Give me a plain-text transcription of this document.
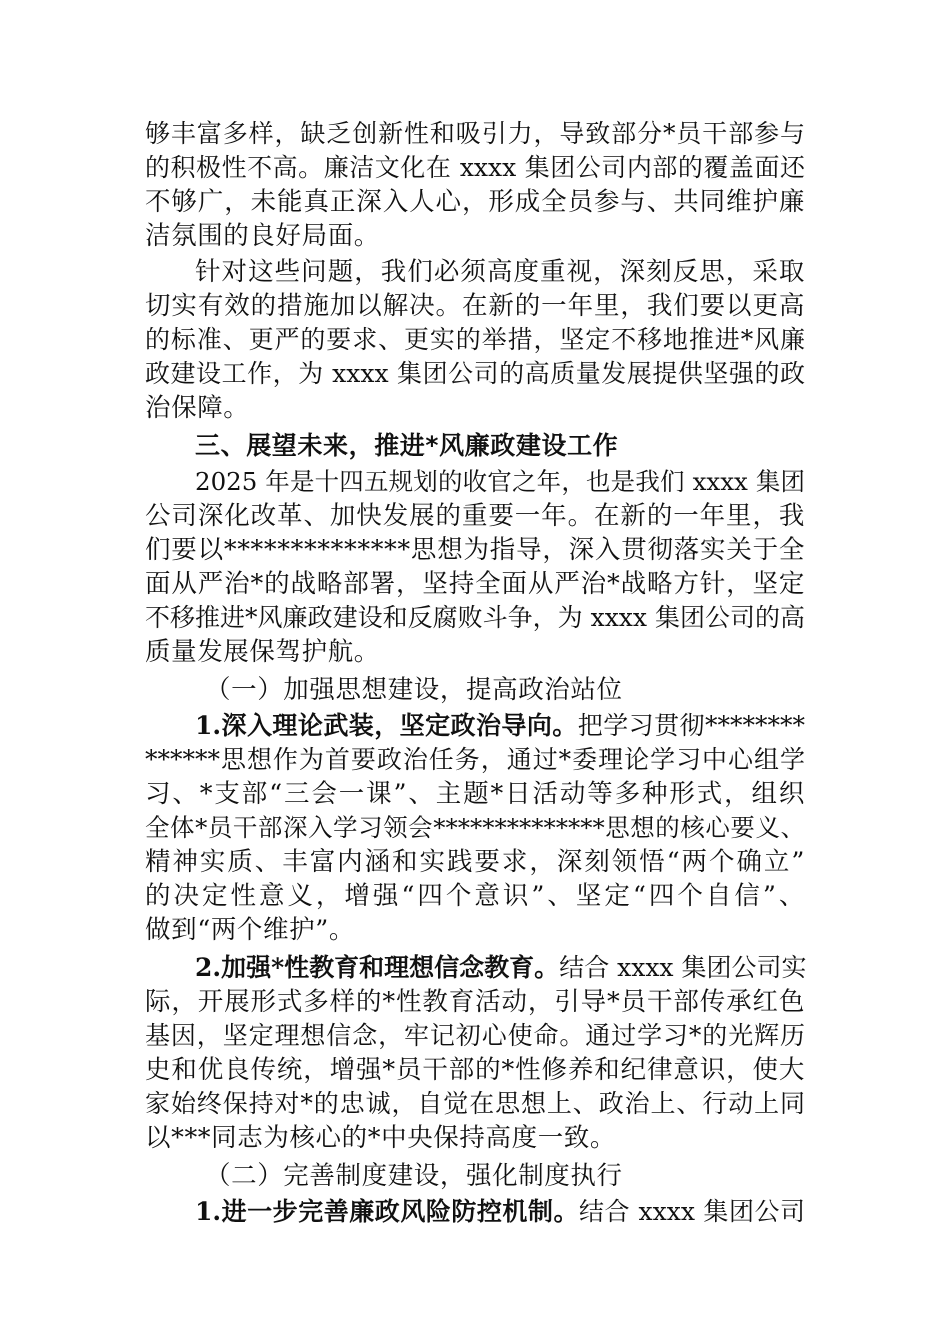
够丰富多样，缺乏创新性和吸引力，导致部分*员干部参与
的积极性不高。廉洁文化在 xxxx 集团公司内部的覆盖面还
不够广，未能真正深入人心，形成全员参与、共同维护廉
洁氛围的良好局面。
针对这些问题，我们必须高度重视，深刻反思，采取
切实有效的措施加以解决。在新的一年里，我们要以更高
的标准、更严的要求、更实的举措，坚定不移地推进*风廉
政建设工作，为 xxxx 集团公司的高质量发展提供坚强的政
治保障。
三、展望未来，推进*风廉政建设工作
2025 年是十四五规划的收官之年，也是我们 xxxx 集团
公司深化改革、加快发展的重要一年。在新的一年里，我
们要以**************思想为指导，深入贯彻落实关于全
面从严治*的战略部署，坚持全面从严治*战略方针，坚定
不移推进*风廉政建设和反腐败斗争，为 xxxx 集团公司的高
质量发展保驾护航。
（一）加强思想建设，提高政治站位
1.深入理论武装，坚定政治导向。把学习贯彻********
******思想作为首要政治任务，通过*委理论学习中心组学
习、*支部“三会一课”、主题*日活动等多种形式，组织
全体*员干部深入学习领会**************思想的核心要义、
精神实质、丰富内涵和实践要求，深刻领悟“两个确立”
的决定性意义，增强“四个意识”、坚定“四个自信”、
做到“两个维护”。
2.加强*性教育和理想信念教育。结合 xxxx 集团公司实
际，开展形式多样的*性教育活动，引导*员干部传承红色
基因，坚定理想信念，牢记初心使命。通过学习*的光辉历
史和优良传统，增强*员干部的*性修养和纪律意识，使大
家始终保持对*的忠诚，自觉在思想上、政治上、行动上同
以***同志为核心的*中央保持高度一致。
（二）完善制度建设，强化制度执行
1.进一步完善廉政风险防控机制。结合 xxxx 集团公司
